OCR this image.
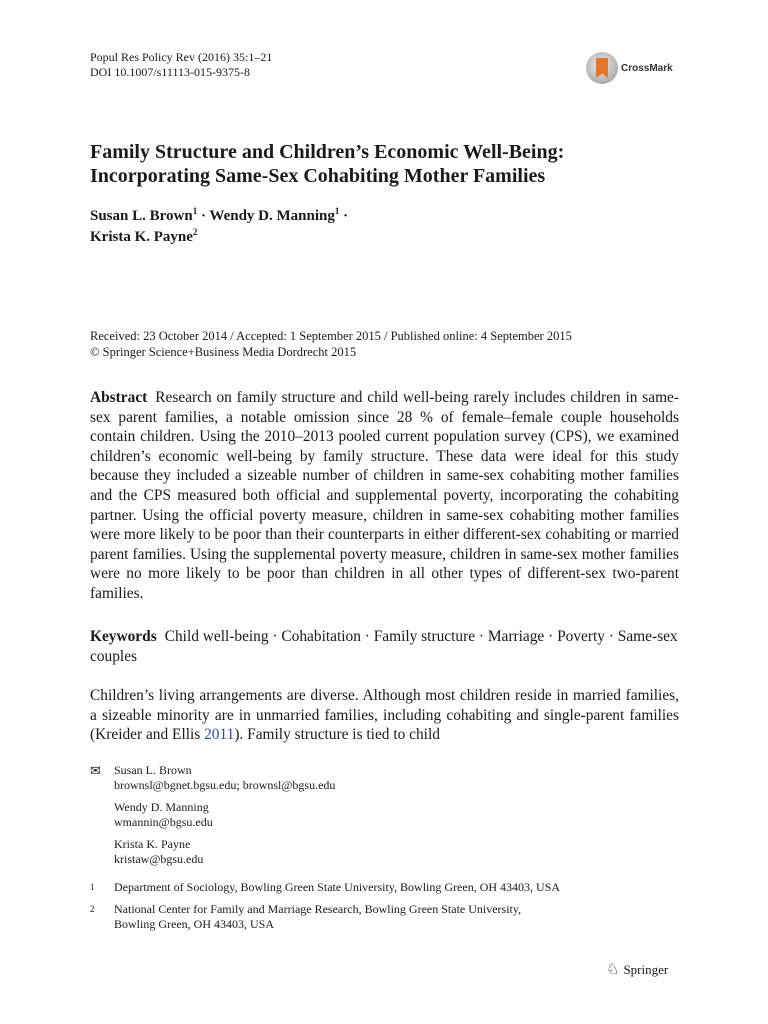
Popul Res Policy Rev (2016) 35:1–21
DOI 10.1007/s11113-015-9375-8	CrossMark
Family Structure and Children’s Economic Well-Being:
Incorporating Same-Sex Cohabiting Mother Families
Susan L. Brown$^1$ · Wendy D. Manning$^1$ ·
Krista K. Payne$^2$
Received: 23 October 2014 / Accepted: 1 September 2015 / Published online: 4 September 2015
© Springer Science+Business Media Dordrecht 2015
Abstract Research on family structure and child well-being rarely includes children in same-sex parent families, a notable omission since 28 % of female–female couple households contain children. Using the 2010–2013 pooled current population survey (CPS), we examined children’s economic well-being by family structure. These data were ideal for this study because they included a sizeable number of children in same-sex cohabiting mother families and the CPS measured both official and supplemental poverty, incorporating the cohabiting partner. Using the official poverty measure, children in same-sex cohabiting mother families were more likely to be poor than their counterparts in either different-sex cohabiting or married parent families. Using the supplemental poverty measure, children in same-sex mother families were no more likely to be poor than children in all other types of different-sex two-parent families.
Keywords Child well-being · Cohabitation · Family structure · Marriage · Poverty · Same-sex couples
Children’s living arrangements are diverse. Although most children reside in married families, a sizeable minority are in unmarried families, including cohabiting and single-parent families (Kreider and Ellis 2011). Family structure is tied to child
✉ Susan L. Brown
brownsl@bgnet.bgsu.edu; brownsl@bgsu.edu
Wendy D. Manning
wmannin@bgsu.edu
Krista K. Payne
kristaw@bgsu.edu
1	Department of Sociology, Bowling Green State University, Bowling Green, OH 43403, USA
2	National Center for Family and Marriage Research, Bowling Green State University,
Bowling Green, OH 43403, USA
♘ Springer
